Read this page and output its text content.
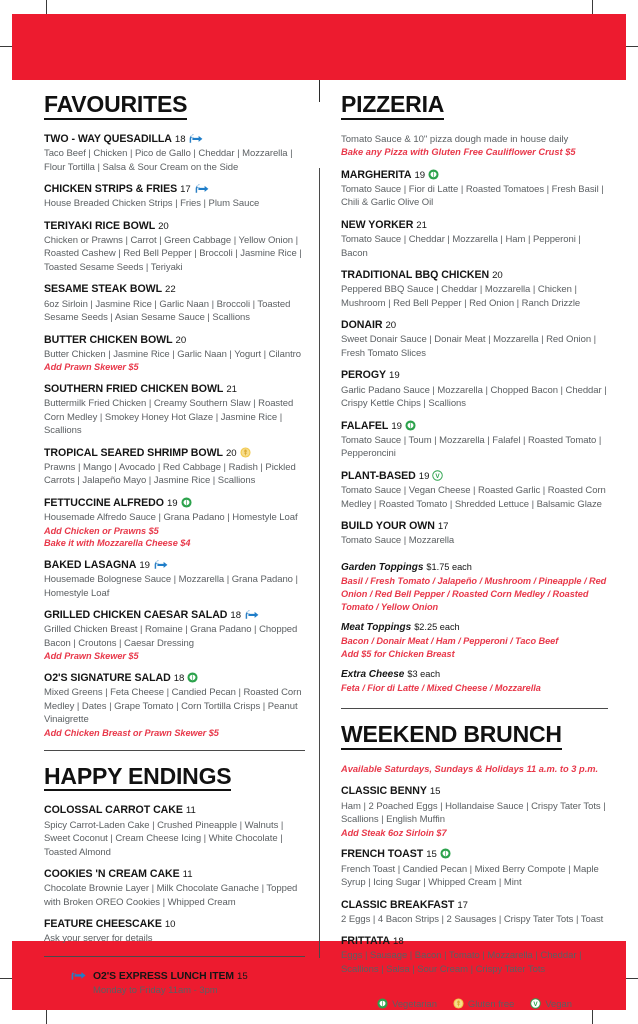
FAVOURITES
TWO - WAY QUESADILLA 18
Taco Beef | Chicken | Pico de Gallo | Cheddar | Mozzarella | Flour Tortilla | Salsa & Sour Cream on the Side
CHICKEN STRIPS & FRIES 17
House Breaded Chicken Strips | Fries | Plum Sauce
TERIYAKI RICE BOWL 20
Chicken or Prawns | Carrot | Green Cabbage | Yellow Onion | Roasted Cashew | Red Bell Pepper | Broccoli | Jasmine Rice | Toasted Sesame Seeds | Teriyaki
SESAME STEAK BOWL 22
6oz Sirloin | Jasmine Rice | Garlic Naan | Broccoli | Toasted Sesame Seeds | Asian Sesame Sauce | Scallions
BUTTER CHICKEN BOWL 20
Butter Chicken | Jasmine Rice | Garlic Naan | Yogurt | Cilantro
Add Prawn Skewer $5
SOUTHERN FRIED CHICKEN BOWL 21
Buttermilk Fried Chicken | Creamy Southern Slaw | Roasted Corn Medley | Smokey Honey Hot Glaze | Jasmine Rice | Scallions
TROPICAL SEARED SHRIMP BOWL 20
Prawns | Mango | Avocado | Red Cabbage | Radish | Pickled Carrots | Jalapeño Mayo | Jasmine Rice | Scallions
FETTUCCINE ALFREDO 19
Housemade Alfredo Sauce | Grana Padano | Homestyle Loaf
Add Chicken or Prawns $5
Bake it with Mozzarella Cheese $4
BAKED LASAGNA 19
Housemade Bolognese Sauce | Mozzarella | Grana Padano | Homestyle Loaf
GRILLED CHICKEN CAESAR SALAD 18
Grilled Chicken Breast | Romaine | Grana Padano | Chopped Bacon | Croutons | Caesar Dressing
Add Prawn Skewer $5
O2'S SIGNATURE SALAD 18
Mixed Greens | Feta Cheese | Candied Pecan | Roasted Corn Medley | Dates | Grape Tomato | Corn Tortilla Crisps | Peanut Vinaigrette
Add Chicken Breast or Prawn Skewer $5
HAPPY ENDINGS
COLOSSAL CARROT CAKE 11
Spicy Carrot-Laden Cake | Crushed Pineapple | Walnuts | Sweet Coconut | Cream Cheese Icing | White Chocolate | Toasted Almond
COOKIES 'N CREAM CAKE 11
Chocolate Brownie Layer | Milk Chocolate Ganache | Topped with Broken OREO Cookies | Whipped Cream
FEATURE CHEESCAKE 10
Ask your server for details
O2'S EXPRESS LUNCH ITEM 15
Monday to Friday 11am - 3pm
PIZZERIA
Tomato Sauce & 10" pizza dough made in house daily
Bake any Pizza with Gluten Free Cauliflower Crust $5
MARGHERITA 19
Tomato Sauce | Fior di Latte | Roasted Tomatoes | Fresh Basil | Chili & Garlic Olive Oil
NEW YORKER 21
Tomato Sauce | Cheddar | Mozzarella | Ham | Pepperoni | Bacon
TRADITIONAL BBQ CHICKEN 20
Peppered BBQ Sauce | Cheddar | Mozzarella | Chicken | Mushroom | Red Bell Pepper | Red Onion | Ranch Drizzle
DONAIR 20
Sweet Donair Sauce | Donair Meat | Mozzarella | Red Onion | Fresh Tomato Slices
PEROGY 19
Garlic Padano Sauce | Mozzarella | Chopped Bacon | Cheddar | Crispy Kettle Chips | Scallions
FALAFEL 19
Tomato Sauce | Toum | Mozzarella | Falafel | Roasted Tomato | Pepperoncini
PLANT-BASED 19 V
Tomato Sauce | Vegan Cheese | Roasted Garlic | Roasted Corn Medley | Roasted Tomato | Shredded Lettuce | Balsamic Glaze
BUILD YOUR OWN 17
Tomato Sauce | Mozzarella
Garden Toppings $1.75 each
Basil / Fresh Tomato / Jalapeño / Mushroom / Pineapple / Red Onion / Red Bell Pepper / Roasted Corn Medley / Roasted Tomato / Yellow Onion
Meat Toppings $2.25 each
Bacon / Donair Meat / Ham / Pepperoni / Taco Beef
Add $5 for Chicken Breast
Extra Cheese $3 each
Feta / Fior di Latte / Mixed Cheese / Mozzarella
WEEKEND BRUNCH
Available Saturdays, Sundays & Holidays 11 a.m. to 3 p.m.
CLASSIC BENNY 15
Ham | 2 Poached Eggs | Hollandaise Sauce | Crispy Tater Tots | Scallions | English Muffin
Add Steak 6oz Sirloin $7
FRENCH TOAST 15
French Toast | Candied Pecan | Mixed Berry Compote | Maple Syrup | Icing Sugar | Whipped Cream | Mint
CLASSIC BREAKFAST 17
2 Eggs | 4 Bacon Strips | 2 Sausages | Crispy Tater Tots | Toast
FRITTATA 18
Eggs | Sausage | Bacon | Tomato | Mozzarella | Cheddar | Scallions | Salsa | Sour Cream | Crispy Tater Tots
Vegetarian	Gluten free	V Vegan
